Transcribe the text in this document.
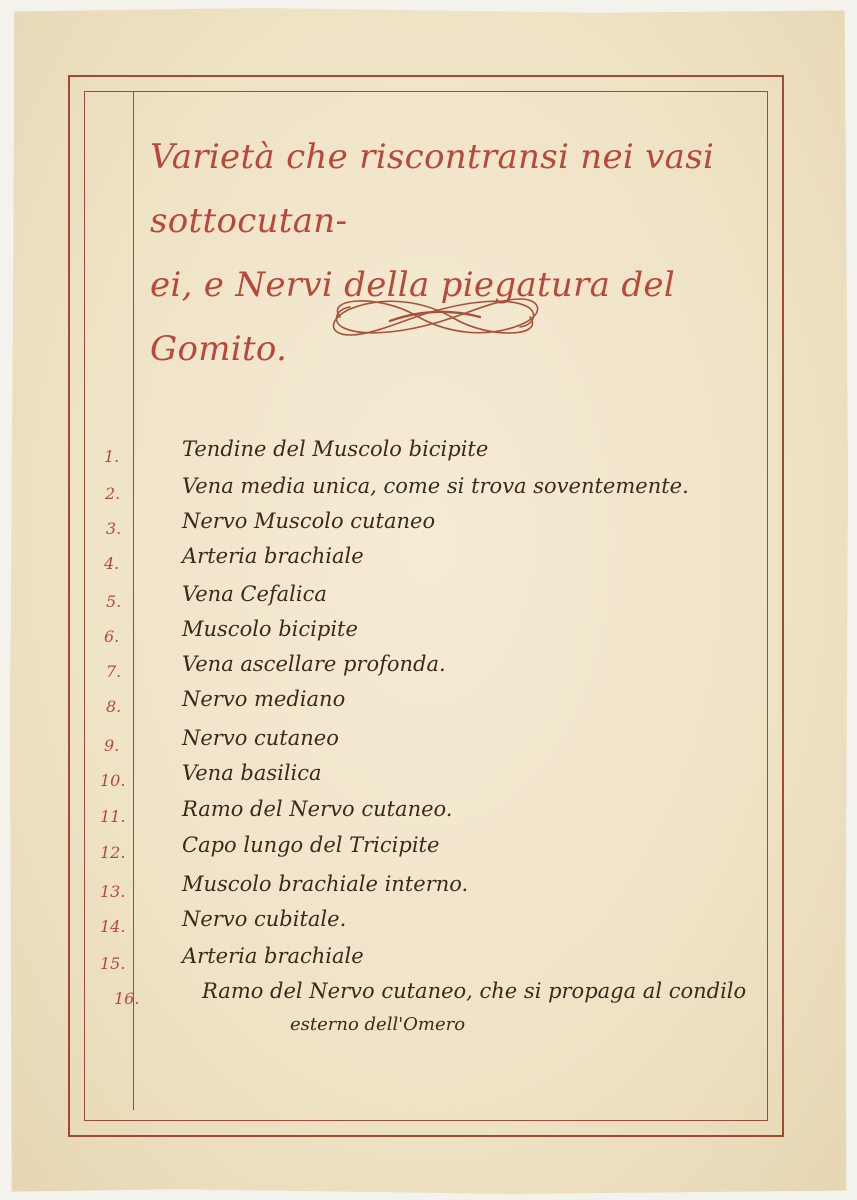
Varietà che riscontransi nei vasi sottocutan-
ei, e Nervi della piegatura del Gomito.
1.	Tendine del Muscolo bicipite
2.	Vena media unica, come si trova soventemente.
3.	Nervo Muscolo cutaneo
4.	Arteria brachiale
5.	Vena Cefalica
6.	Muscolo bicipite
7.	Vena ascellare profonda.
8.	Nervo mediano
9.	Nervo cutaneo
10.	Vena basilica
11.	Ramo del Nervo cutaneo.
12.	Capo lungo del Tricipite
13.	Muscolo brachiale interno.
14.	Nervo cubitale.
15.	Arteria brachiale
16.	Ramo del Nervo cutaneo, che si propaga al condilo
esterno dell'Omero
